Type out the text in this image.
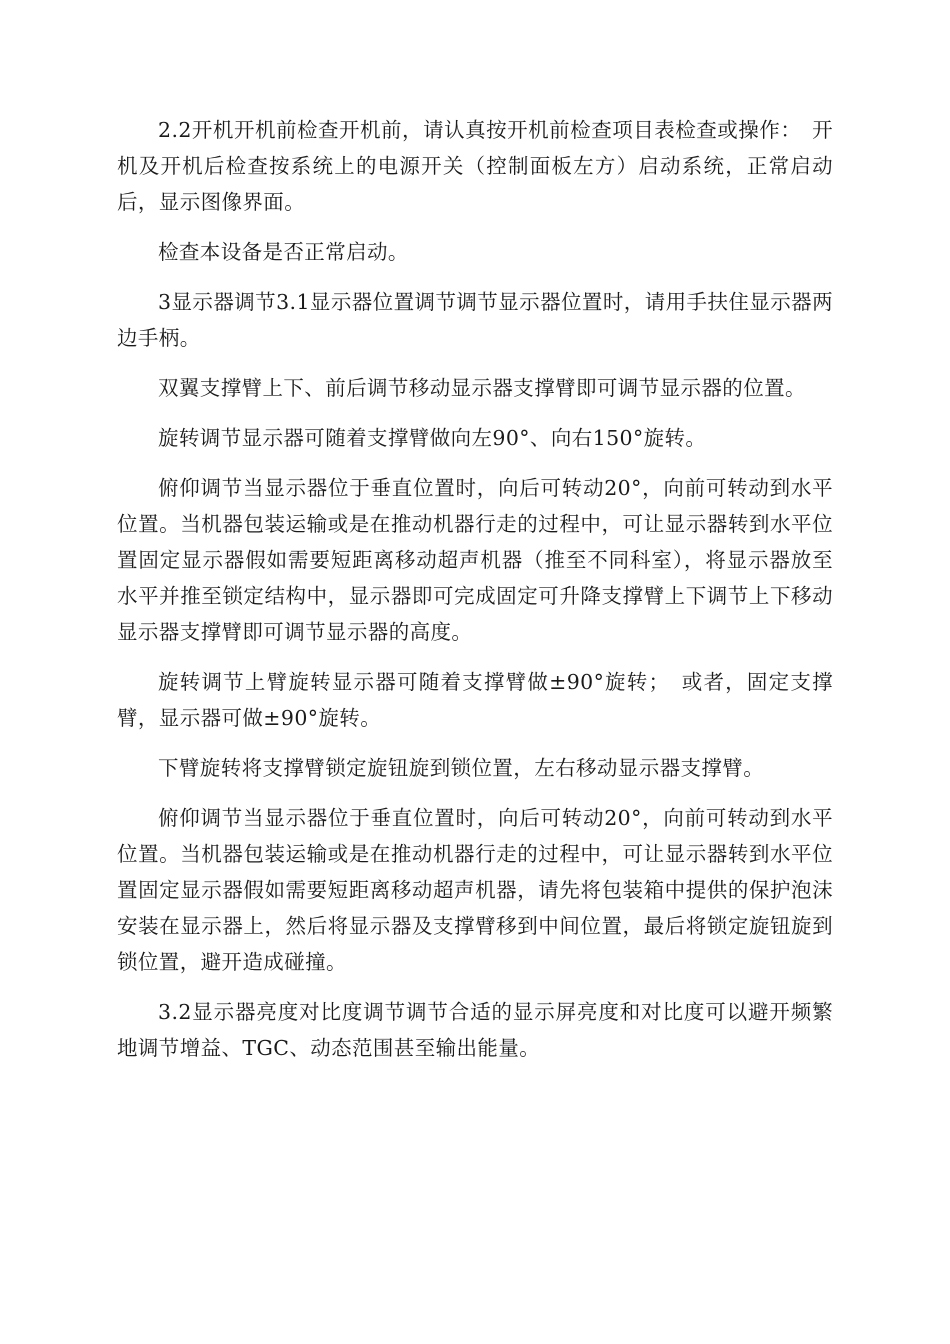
2.2开机开机前检查开机前，请认真按开机前检查项目表检查或操作：　开机及开机后检查按系统上的电源开关（控制面板左方）启动系统，正常启动后，显示图像界面。

检查本设备是否正常启动。

3显示器调节3.1显示器位置调节调节显示器位置时，请用手扶住显示器两边手柄。

双翼支撑臂上下、前后调节移动显示器支撑臂即可调节显示器的位置。

旋转调节显示器可随着支撑臂做向左90°、向右150°旋转。

俯仰调节当显示器位于垂直位置时，向后可转动20°，向前可转动到水平位置。当机器包装运输或是在推动机器行走的过程中，可让显示器转到水平位置固定显示器假如需要短距离移动超声机器（推至不同科室），将显示器放至水平并推至锁定结构中，显示器即可完成固定可升降支撑臂上下调节上下移动显示器支撑臂即可调节显示器的高度。

旋转调节上臂旋转显示器可随着支撑臂做±90°旋转；　或者，固定支撑臂，显示器可做±90°旋转。

下臂旋转将支撑臂锁定旋钮旋到锁位置，左右移动显示器支撑臂。

俯仰调节当显示器位于垂直位置时，向后可转动20°，向前可转动到水平位置。当机器包装运输或是在推动机器行走的过程中，可让显示器转到水平位置固定显示器假如需要短距离移动超声机器，请先将包装箱中提供的保护泡沫安装在显示器上，然后将显示器及支撑臂移到中间位置，最后将锁定旋钮旋到锁位置，避开造成碰撞。

3.2显示器亮度对比度调节调节合适的显示屏亮度和对比度可以避开频繁地调节增益、TGC、动态范围甚至输出能量。
